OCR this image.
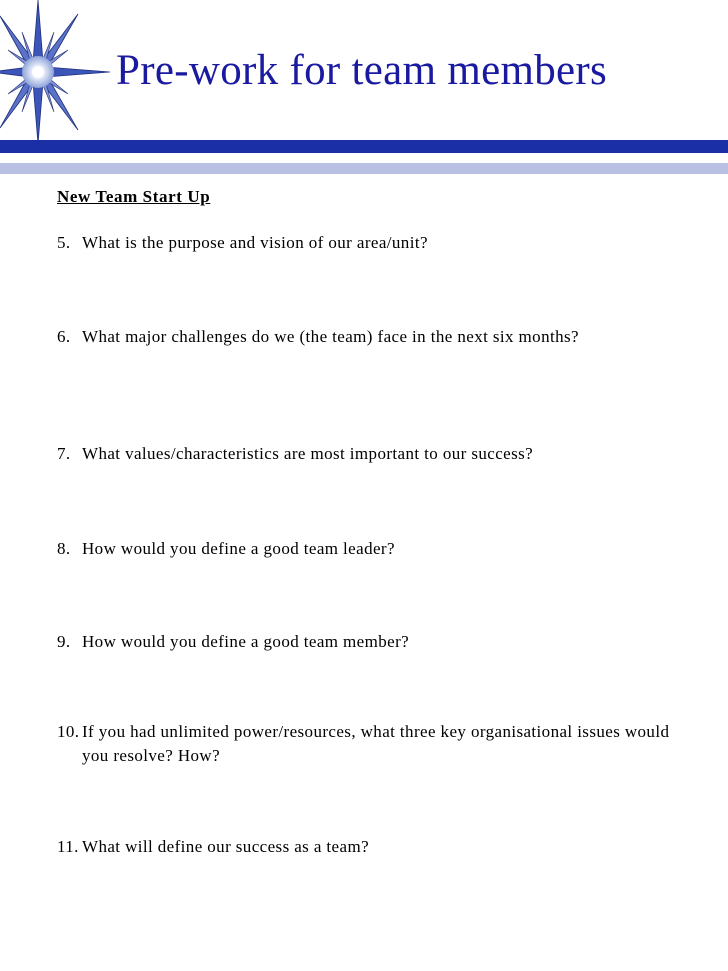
Pre-work for team members
New Team Start Up
5. What is the purpose and vision of our area/unit?
6. What major challenges do we (the team) face in the next six months?
7. What values/characteristics are most important to our success?
8. How would you define a good team leader?
9. How would you define a good team member?
10. If you had unlimited power/resources, what three key organisational issues would you resolve? How?
11. What will define our success as a team?
